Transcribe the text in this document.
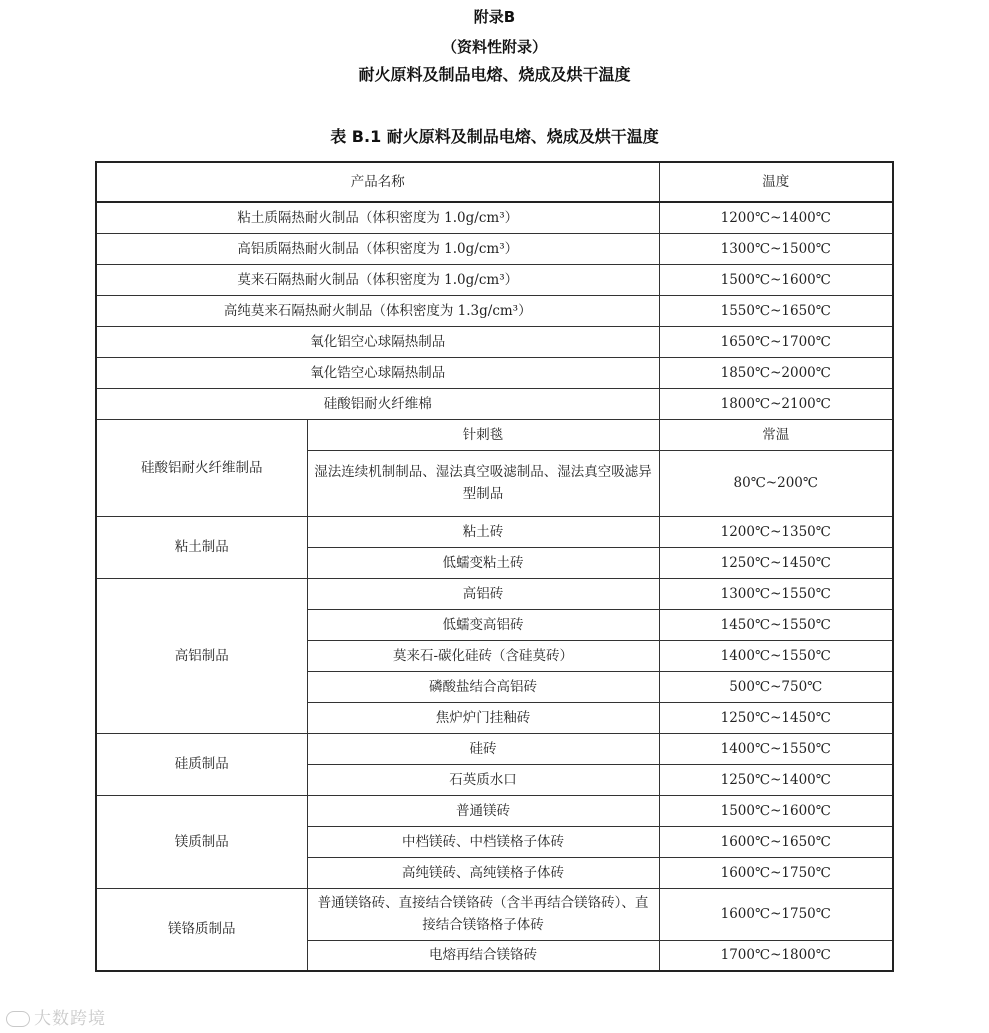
附录B
（资料性附录）
耐火原料及制品电熔、烧成及烘干温度
表 B.1 耐火原料及制品电熔、烧成及烘干温度
产品名称		温度
粘土质隔热耐火制品（体积密度为 1.0g/cm³）		1200℃~1400℃
高铝质隔热耐火制品（体积密度为 1.0g/cm³）		1300℃~1500℃
莫来石隔热耐火制品（体积密度为 1.0g/cm³）		1500℃~1600℃
高纯莫来石隔热耐火制品（体积密度为 1.3g/cm³）		1550℃~1650℃
氧化铝空心球隔热制品		1650℃~1700℃
氧化锆空心球隔热制品		1850℃~2000℃
硅酸铝耐火纤维棉		1800℃~2100℃
硅酸铝耐火纤维制品	针刺毯	常温
	湿法连续机制制品、湿法真空吸滤制品、湿法真空吸滤异型制品	80℃~200℃
粘土制品	粘土砖	1200℃~1350℃
	低蠕变粘土砖	1250℃~1450℃
高铝制品	高铝砖	1300℃~1550℃
	低蠕变高铝砖	1450℃~1550℃
	莫来石-碳化硅砖（含硅莫砖）	1400℃~1550℃
	磷酸盐结合高铝砖	500℃~750℃
	焦炉炉门挂釉砖	1250℃~1450℃
硅质制品	硅砖	1400℃~1550℃
	石英质水口	1250℃~1400℃
镁质制品	普通镁砖	1500℃~1600℃
	中档镁砖、中档镁格子体砖	1600℃~1650℃
	高纯镁砖、高纯镁格子体砖	1600℃~1750℃
镁铬质制品	普通镁铬砖、直接结合镁铬砖（含半再结合镁铬砖）、直接结合镁铬格子体砖	1600℃~1750℃
	电熔再结合镁铬砖	1700℃~1800℃
大数跨境
